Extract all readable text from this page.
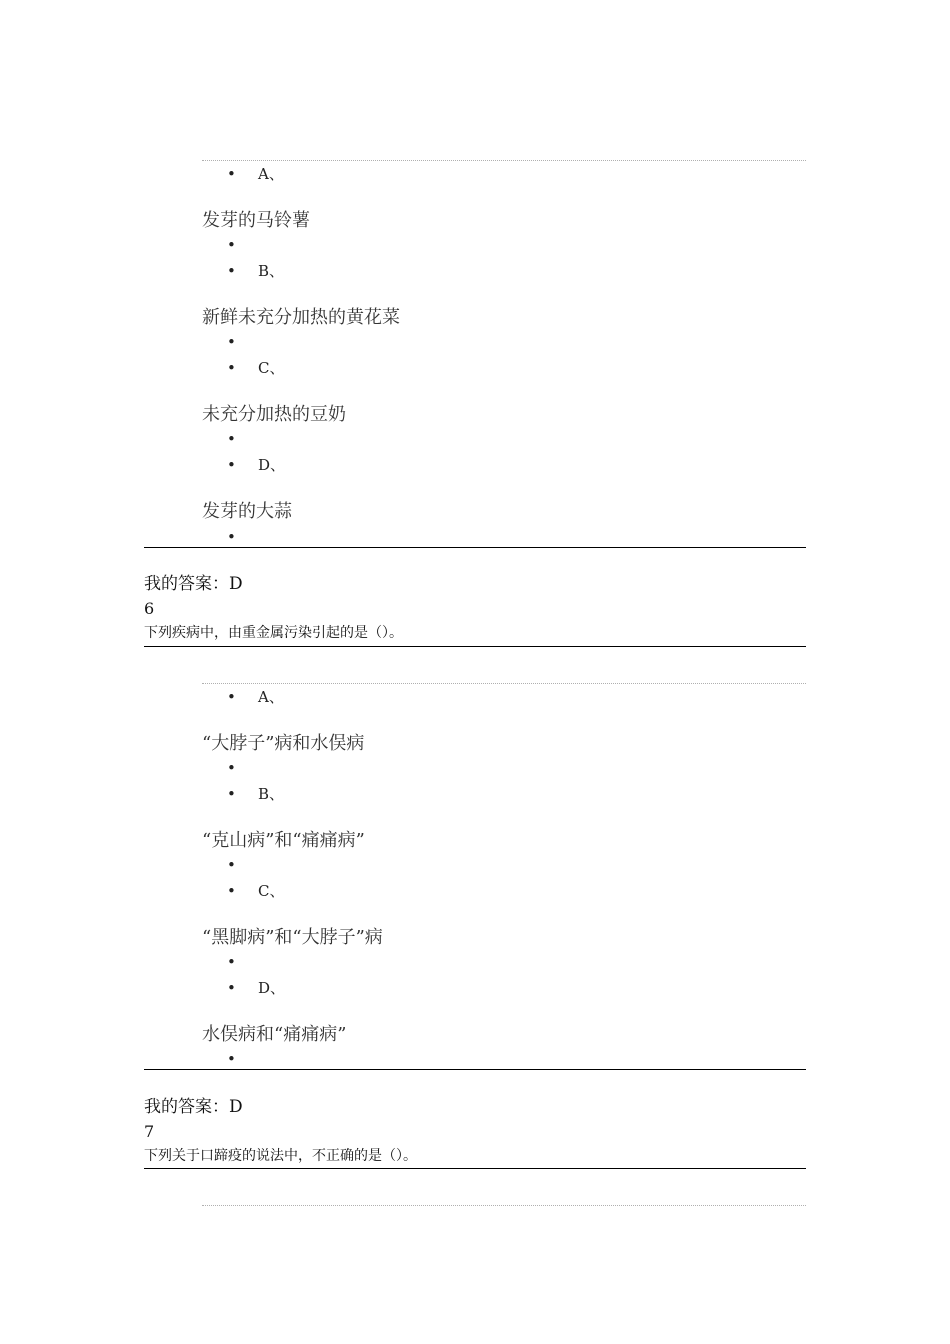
• A、
发芽的马铃薯
•
• B、
新鲜未充分加热的黄花菜
•
• C、
未充分加热的豆奶
•
• D、
发芽的大蒜
•
我的答案：D
6
下列疾病中，由重金属污染引起的是（）。
• A、
“大脖子”病和水俣病
•
• B、
“克山病”和“痛痛病”
•
• C、
“黑脚病”和“大脖子”病
•
• D、
水俣病和“痛痛病”
•
我的答案：D
7
下列关于口蹄疫的说法中，不正确的是（）。
